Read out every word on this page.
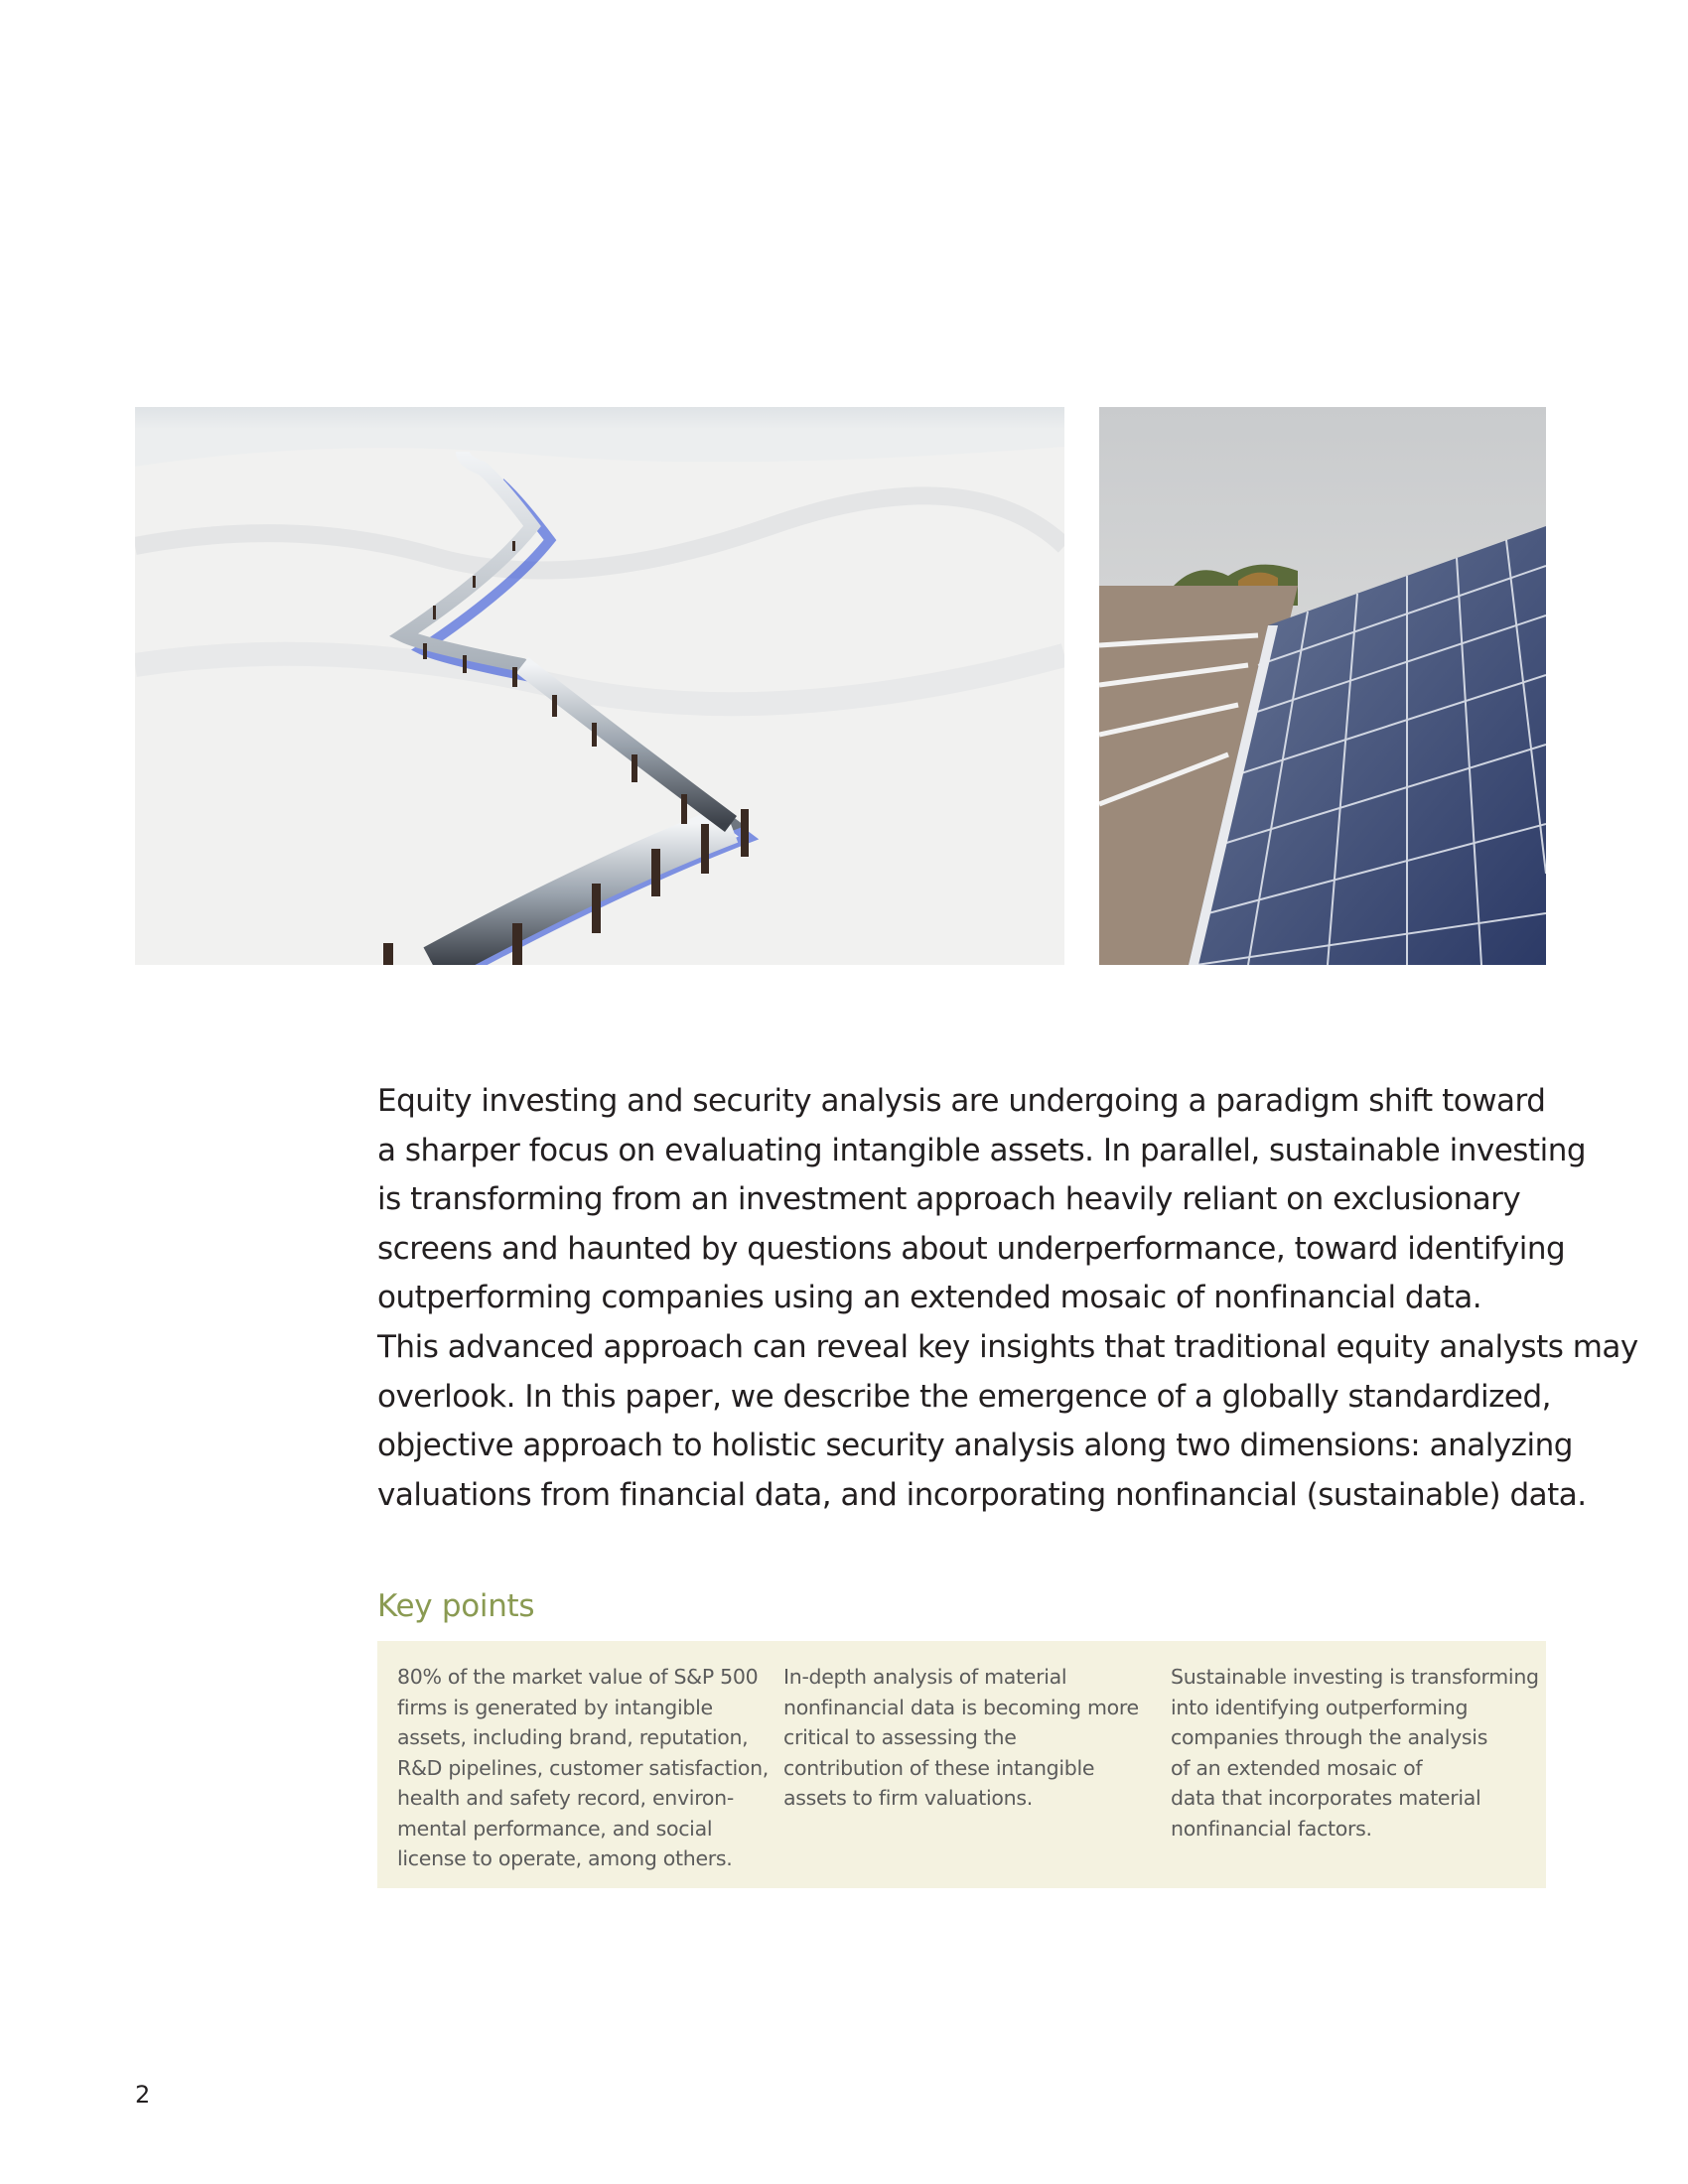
Equity investing and security analysis are undergoing a paradigm shift toward
a sharper focus on evaluating intangible assets. In parallel, sustainable investing
is transforming from an investment approach heavily reliant on exclusionary
screens and haunted by questions about underperformance, toward identifying
outperforming companies using an extended mosaic of nonfinancial data.
This advanced approach can reveal key insights that traditional equity analysts may
overlook. In this paper, we describe the emergence of a globally standardized,
objective approach to holistic security analysis along two dimensions: analyzing
valuations from financial data, and incorporating nonfinancial (sustainable) data.

Key points
80% of the market value of S&P 500
firms is generated by intangible
assets, including brand, reputation,
R&D pipelines, customer satisfaction,
health and safety record, environ-
mental performance, and social
license to operate, among others.
In-depth analysis of material
nonfinancial data is becoming more
critical to assessing the
contribution of these intangible
assets to firm valuations.
Sustainable investing is transforming
into identifying outperforming
companies through the analysis
of an extended mosaic of
data that incorporates material
nonfinancial factors.
2
